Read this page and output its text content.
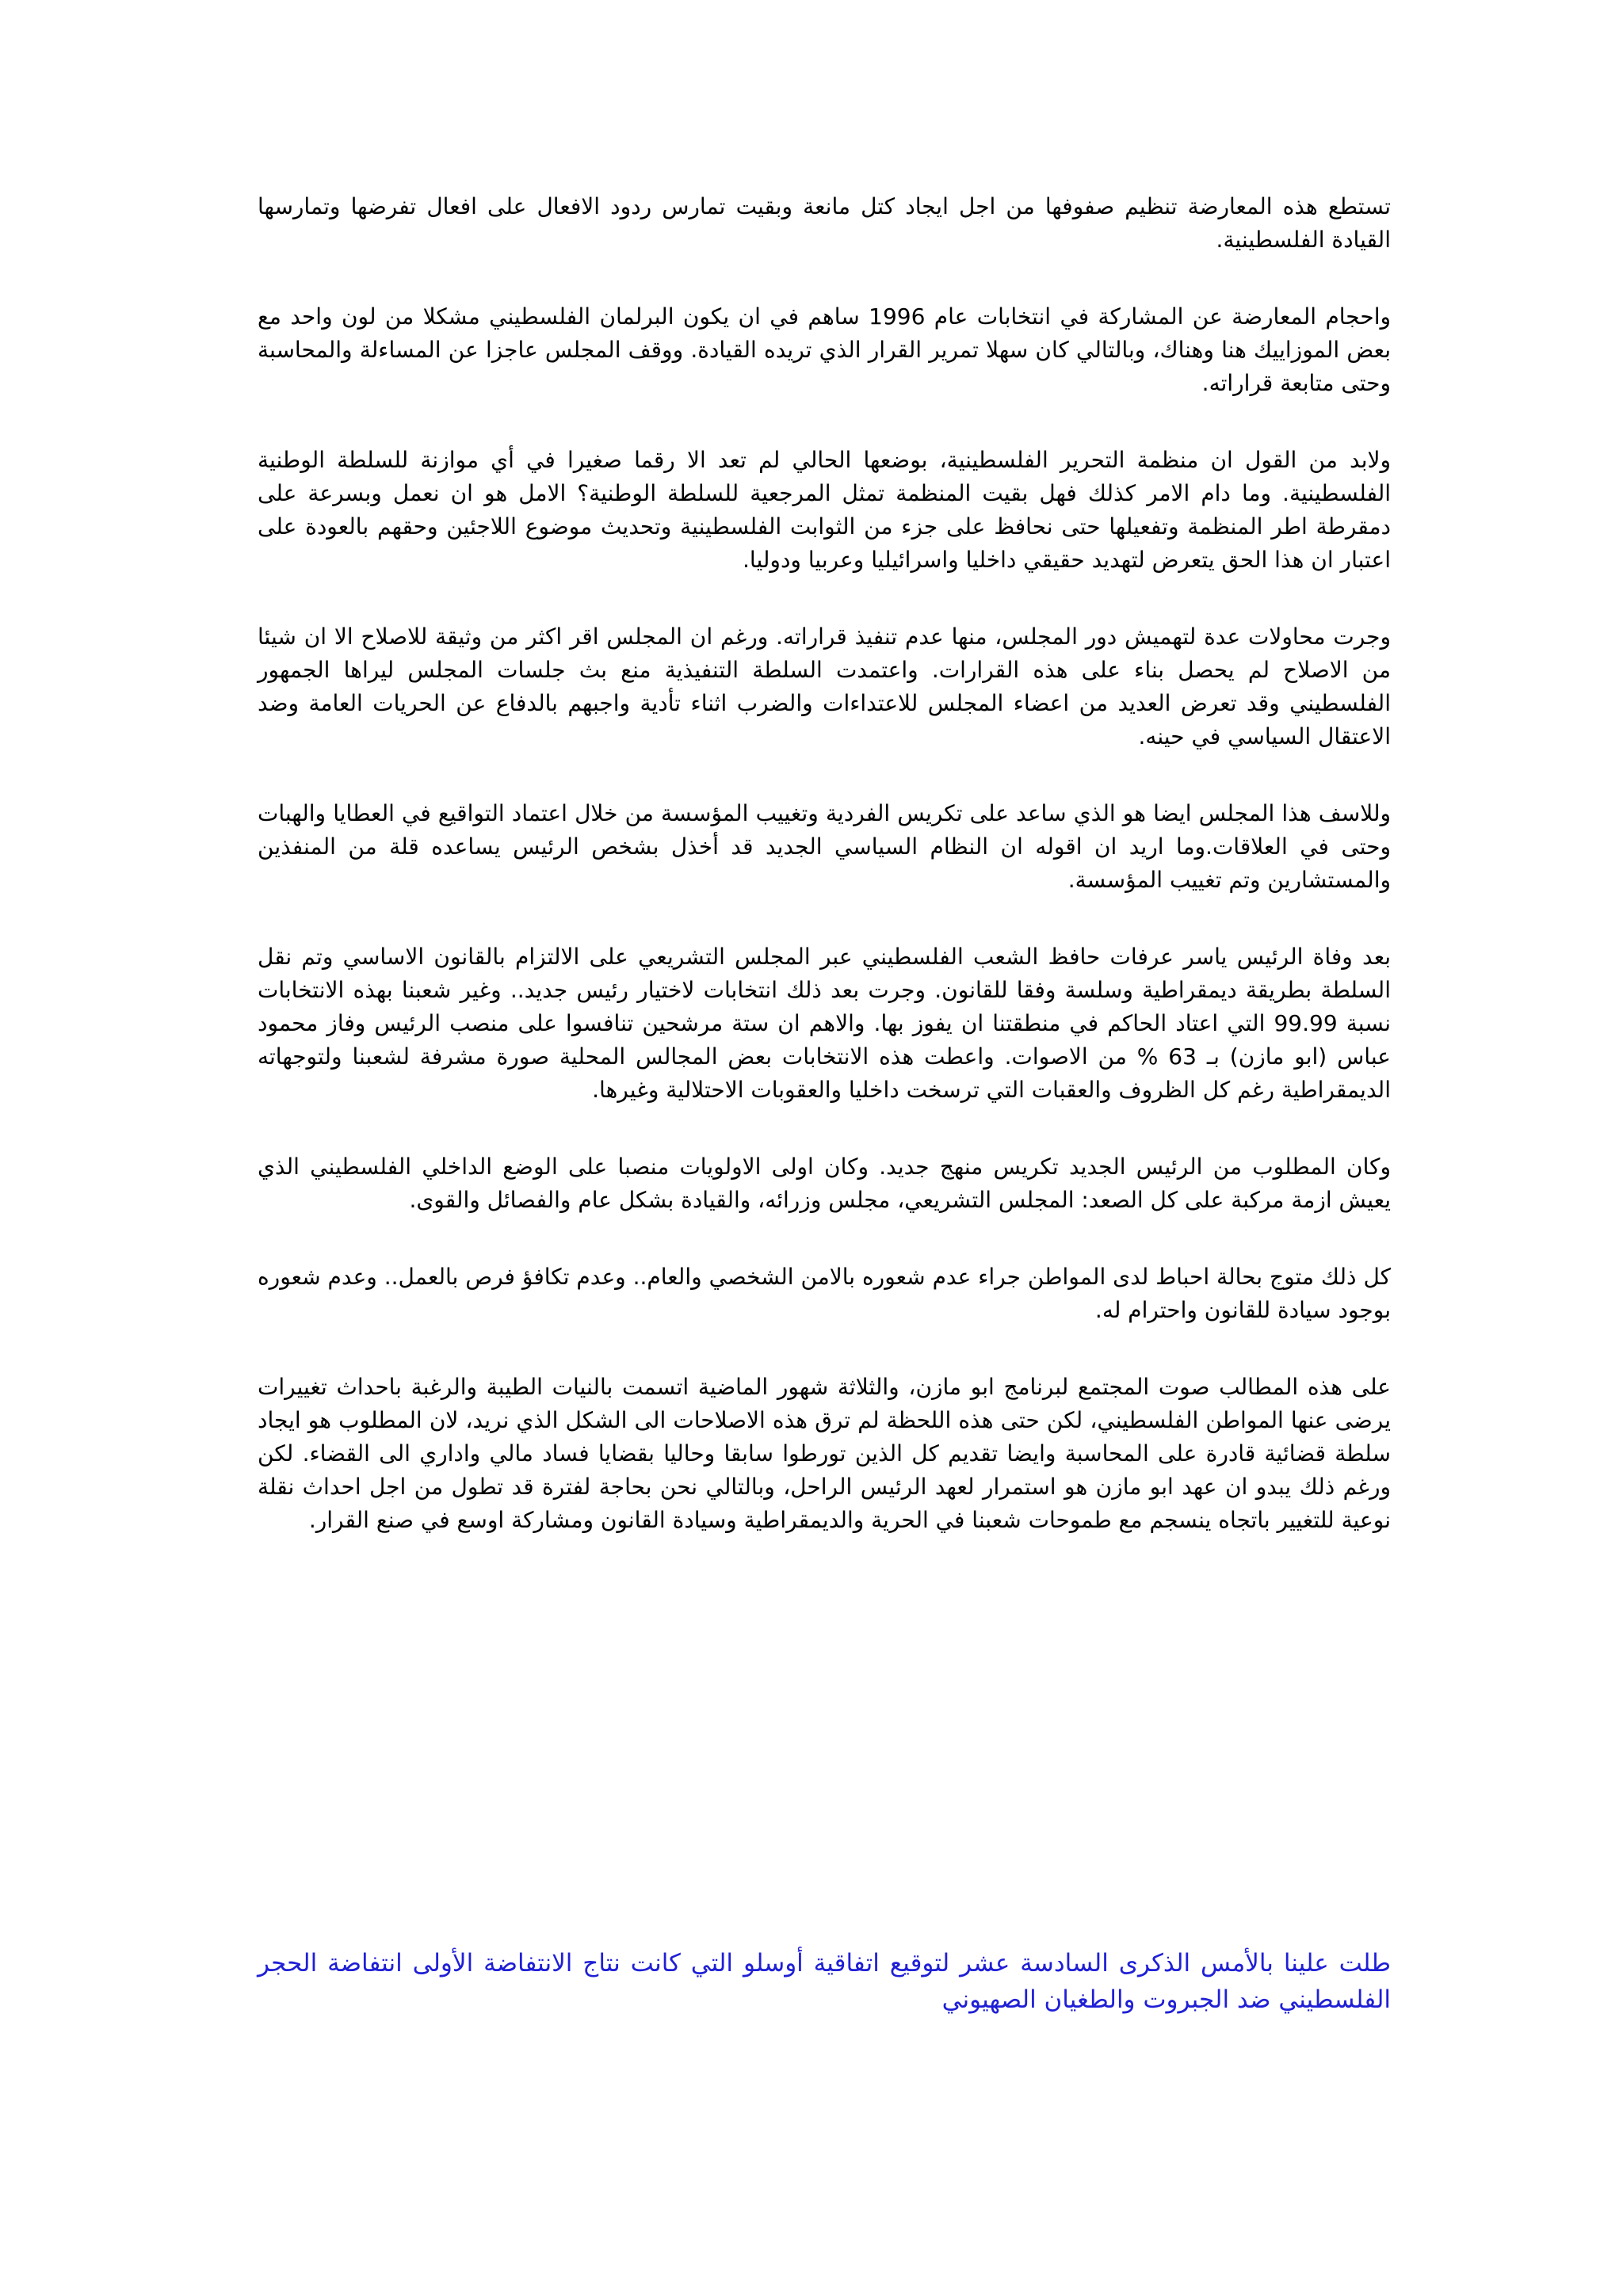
تستطع هذه المعارضة تنظيم صفوفها من اجل ايجاد كتل مانعة وبقيت تمارس ردود الافعال على افعال تفرضها وتمارسها القيادة الفلسطينية.

واحجام المعارضة عن المشاركة في انتخابات عام 1996 ساهم في ان يكون البرلمان الفلسطيني مشكلا من لون واحد مع بعض الموزاييك هنا وهناك، وبالتالي كان سهلا تمرير القرار الذي تريده القيادة. ووقف المجلس عاجزا عن المساءلة والمحاسبة وحتى متابعة قراراته.

ولابد من القول ان منظمة التحرير الفلسطينية، بوضعها الحالي لم تعد الا رقما صغيرا في أي موازنة للسلطة الوطنية الفلسطينية. وما دام الامر كذلك فهل بقيت المنظمة تمثل المرجعية للسلطة الوطنية؟ الامل هو ان نعمل وبسرعة على دمقرطة اطر المنظمة وتفعيلها حتى نحافظ على جزء من الثوابت الفلسطينية وتحديث موضوع اللاجئين وحقهم بالعودة على اعتبار ان هذا الحق يتعرض لتهديد حقيقي داخليا واسرائيليا وعربيا ودوليا.

وجرت محاولات عدة لتهميش دور المجلس، منها عدم تنفيذ قراراته. ورغم ان المجلس اقر اكثر من وثيقة للاصلاح الا ان شيئا من الاصلاح لم يحصل بناء على هذه القرارات. واعتمدت السلطة التنفيذية منع بث جلسات المجلس ليراها الجمهور الفلسطيني وقد تعرض العديد من اعضاء المجلس للاعتداءات والضرب اثناء تأدية واجبهم بالدفاع عن الحريات العامة وضد الاعتقال السياسي في حينه.

وللاسف هذا المجلس ايضا هو الذي ساعد على تكريس الفردية وتغييب المؤسسة من خلال اعتماد التواقيع في العطايا والهبات وحتى في العلاقات.وما اريد ان اقوله ان النظام السياسي الجديد قد أخذل بشخص الرئيس يساعده قلة من المنفذين والمستشارين وتم تغييب المؤسسة.

بعد وفاة الرئيس ياسر عرفات حافظ الشعب الفلسطيني عبر المجلس التشريعي على الالتزام بالقانون الاساسي وتم نقل السلطة بطريقة ديمقراطية وسلسة وفقا للقانون. وجرت بعد ذلك انتخابات لاختيار رئيس جديد.. وغير شعبنا بهذه الانتخابات نسبة 99.99 التي اعتاد الحاكم في منطقتنا ان يفوز بها. والاهم ان ستة مرشحين تنافسوا على منصب الرئيس وفاز محمود عباس (ابو مازن) بـ 63 % من الاصوات. واعطت هذه الانتخابات بعض المجالس المحلية صورة مشرفة لشعبنا ولتوجهاته الديمقراطية رغم كل الظروف والعقبات التي ترسخت داخليا والعقوبات الاحتلالية وغيرها.

وكان المطلوب من الرئيس الجديد تكريس منهج جديد. وكان اولى الاولويات منصبا على الوضع الداخلي الفلسطيني الذي يعيش ازمة مركبة على كل الصعد: المجلس التشريعي، مجلس وزرائه، والقيادة بشكل عام والفصائل والقوى.

كل ذلك متوج بحالة احباط لدى المواطن جراء عدم شعوره بالامن الشخصي والعام.. وعدم تكافؤ فرص بالعمل.. وعدم شعوره بوجود سيادة للقانون واحترام له.

على هذه المطالب صوت المجتمع لبرنامج ابو مازن، والثلاثة شهور الماضية اتسمت بالنيات الطيبة والرغبة باحداث تغييرات يرضى عنها المواطن الفلسطيني، لكن حتى هذه اللحظة لم ترق هذه الاصلاحات الى الشكل الذي نريد، لان المطلوب هو ايجاد سلطة قضائية قادرة على المحاسبة وايضا تقديم كل الذين تورطوا سابقا وحاليا بقضايا فساد مالي واداري الى القضاء. لكن ورغم ذلك يبدو ان عهد ابو مازن هو استمرار لعهد الرئيس الراحل، وبالتالي نحن بحاجة لفترة قد تطول من اجل احداث نقلة نوعية للتغيير باتجاه ينسجم مع طموحات شعبنا في الحرية والديمقراطية وسيادة القانون ومشاركة اوسع في صنع القرار.

طلت علينا بالأمس الذكرى السادسة عشر لتوقيع اتفاقية أوسلو التي كانت نتاج الانتفاضة الأولى انتفاضة الحجر الفلسطيني ضد الجبروت والطغيان الصهيوني
